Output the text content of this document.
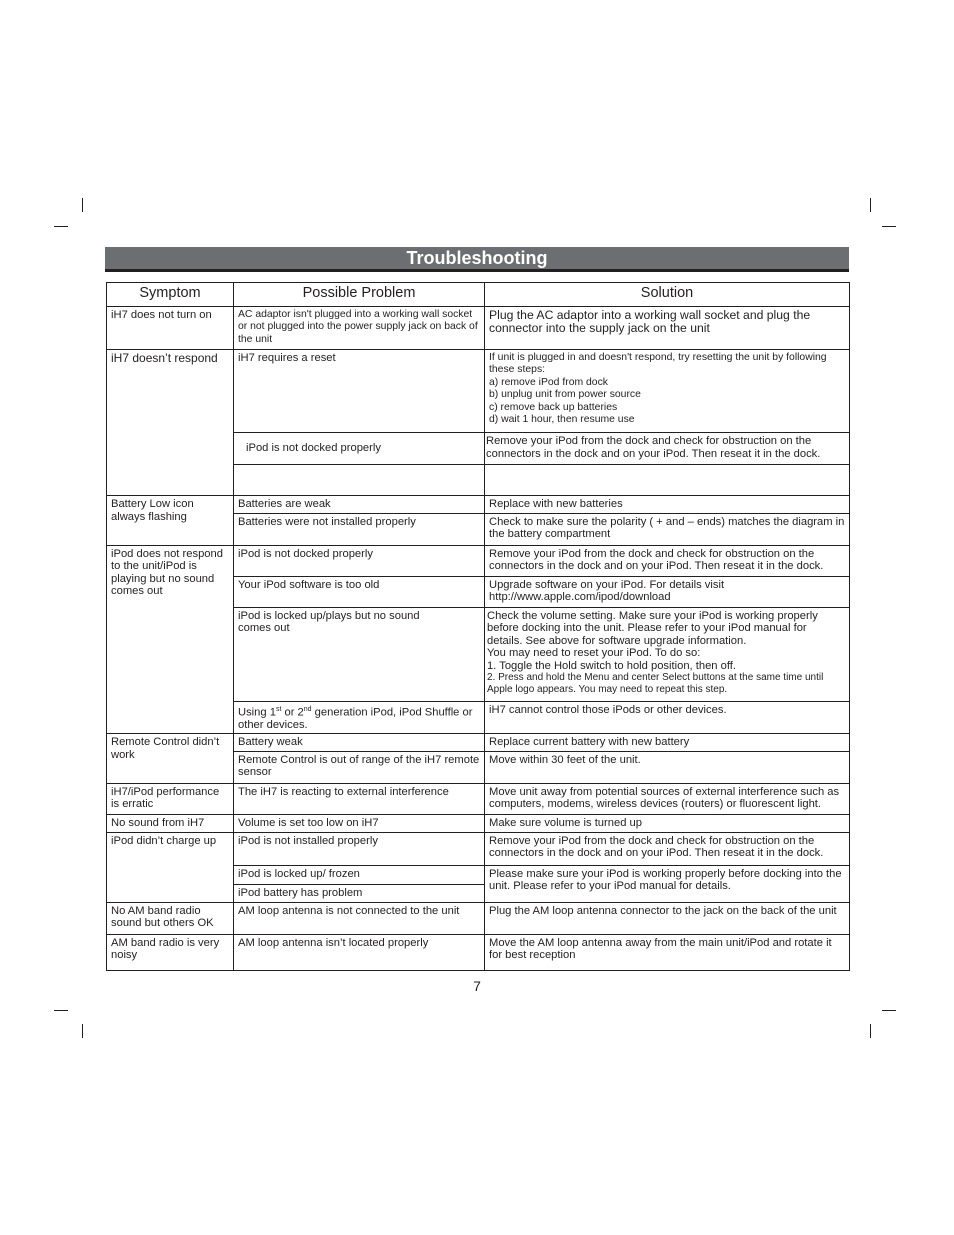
Troubleshooting
Symptom	Possible Problem	Solution
iH7 does not turn on	AC adaptor isn't plugged into a working wall socket or not plugged into the power supply jack on back of the unit	Plug the AC adaptor into a working wall socket and plug the connector into the supply jack on the unit
iH7 doesn’t respond	iH7 requires a reset	If unit is plugged in and doesn't respond, try resetting the unit by following these steps:
a) remove iPod from dock
b) unplug unit from power source
c) remove back up batteries
d) wait 1 hour, then resume use
	iPod is not docked properly	Remove your iPod from the dock and check for obstruction on the connectors in the dock and on your iPod. Then reseat it in the dock.

Battery Low icon always flashing	Batteries are weak	Replace with new batteries
	Batteries were not installed properly	Check to make sure the polarity ( + and – ends) matches the diagram in the battery compartment
iPod does not respond to the unit/iPod is playing but no sound comes out	iPod is not docked properly	Remove your iPod from the dock and check for obstruction on the connectors in the dock and on your iPod. Then reseat it in the dock.
	Your iPod software is too old	Upgrade software on your iPod. For details visit
http://www.apple.com/ipod/download
	iPod is locked up/plays but no sound
comes out	Check the volume setting. Make sure your iPod is working properly before docking into the unit. Please refer to your iPod manual for details. See above for software upgrade information.
You may need to reset your iPod. To do so:
1. Toggle the Hold switch to hold position, then off.
2. Press and hold the Menu and center Select buttons at the same time until
Apple logo appears. You may need to repeat this step.

	Using 1st or 2nd generation iPod, iPod Shuffle or other devices.	iH7 cannot control those iPods or other devices.
Remote Control didn’t work	Battery weak	Replace current battery with new battery
	Remote Control is out of range of the iH7 remote sensor	Move within 30 feet of the unit.
iH7/iPod performance is erratic	The iH7 is reacting to external interference	Move unit away from potential sources of external interference such as computers, modems, wireless devices (routers) or fluorescent light.
No sound from iH7	Volume is set too low on iH7	Make sure volume is turned up
iPod didn’t charge up	iPod is not installed properly	Remove your iPod from the dock and check for obstruction on the connectors in the dock and on your iPod. Then reseat it in the dock.
	iPod is locked up/ frozen	Please make sure your iPod is working properly before docking into the unit. Please refer to your iPod manual for details.
	iPod battery has problem	
No AM band radio sound but others OK	AM loop antenna is not connected to the unit	Plug the AM loop antenna connector to the jack on the back of the unit
AM band radio is very noisy	AM loop antenna isn’t located properly	Move the AM loop antenna away from the main unit/iPod and rotate it for best reception
7
